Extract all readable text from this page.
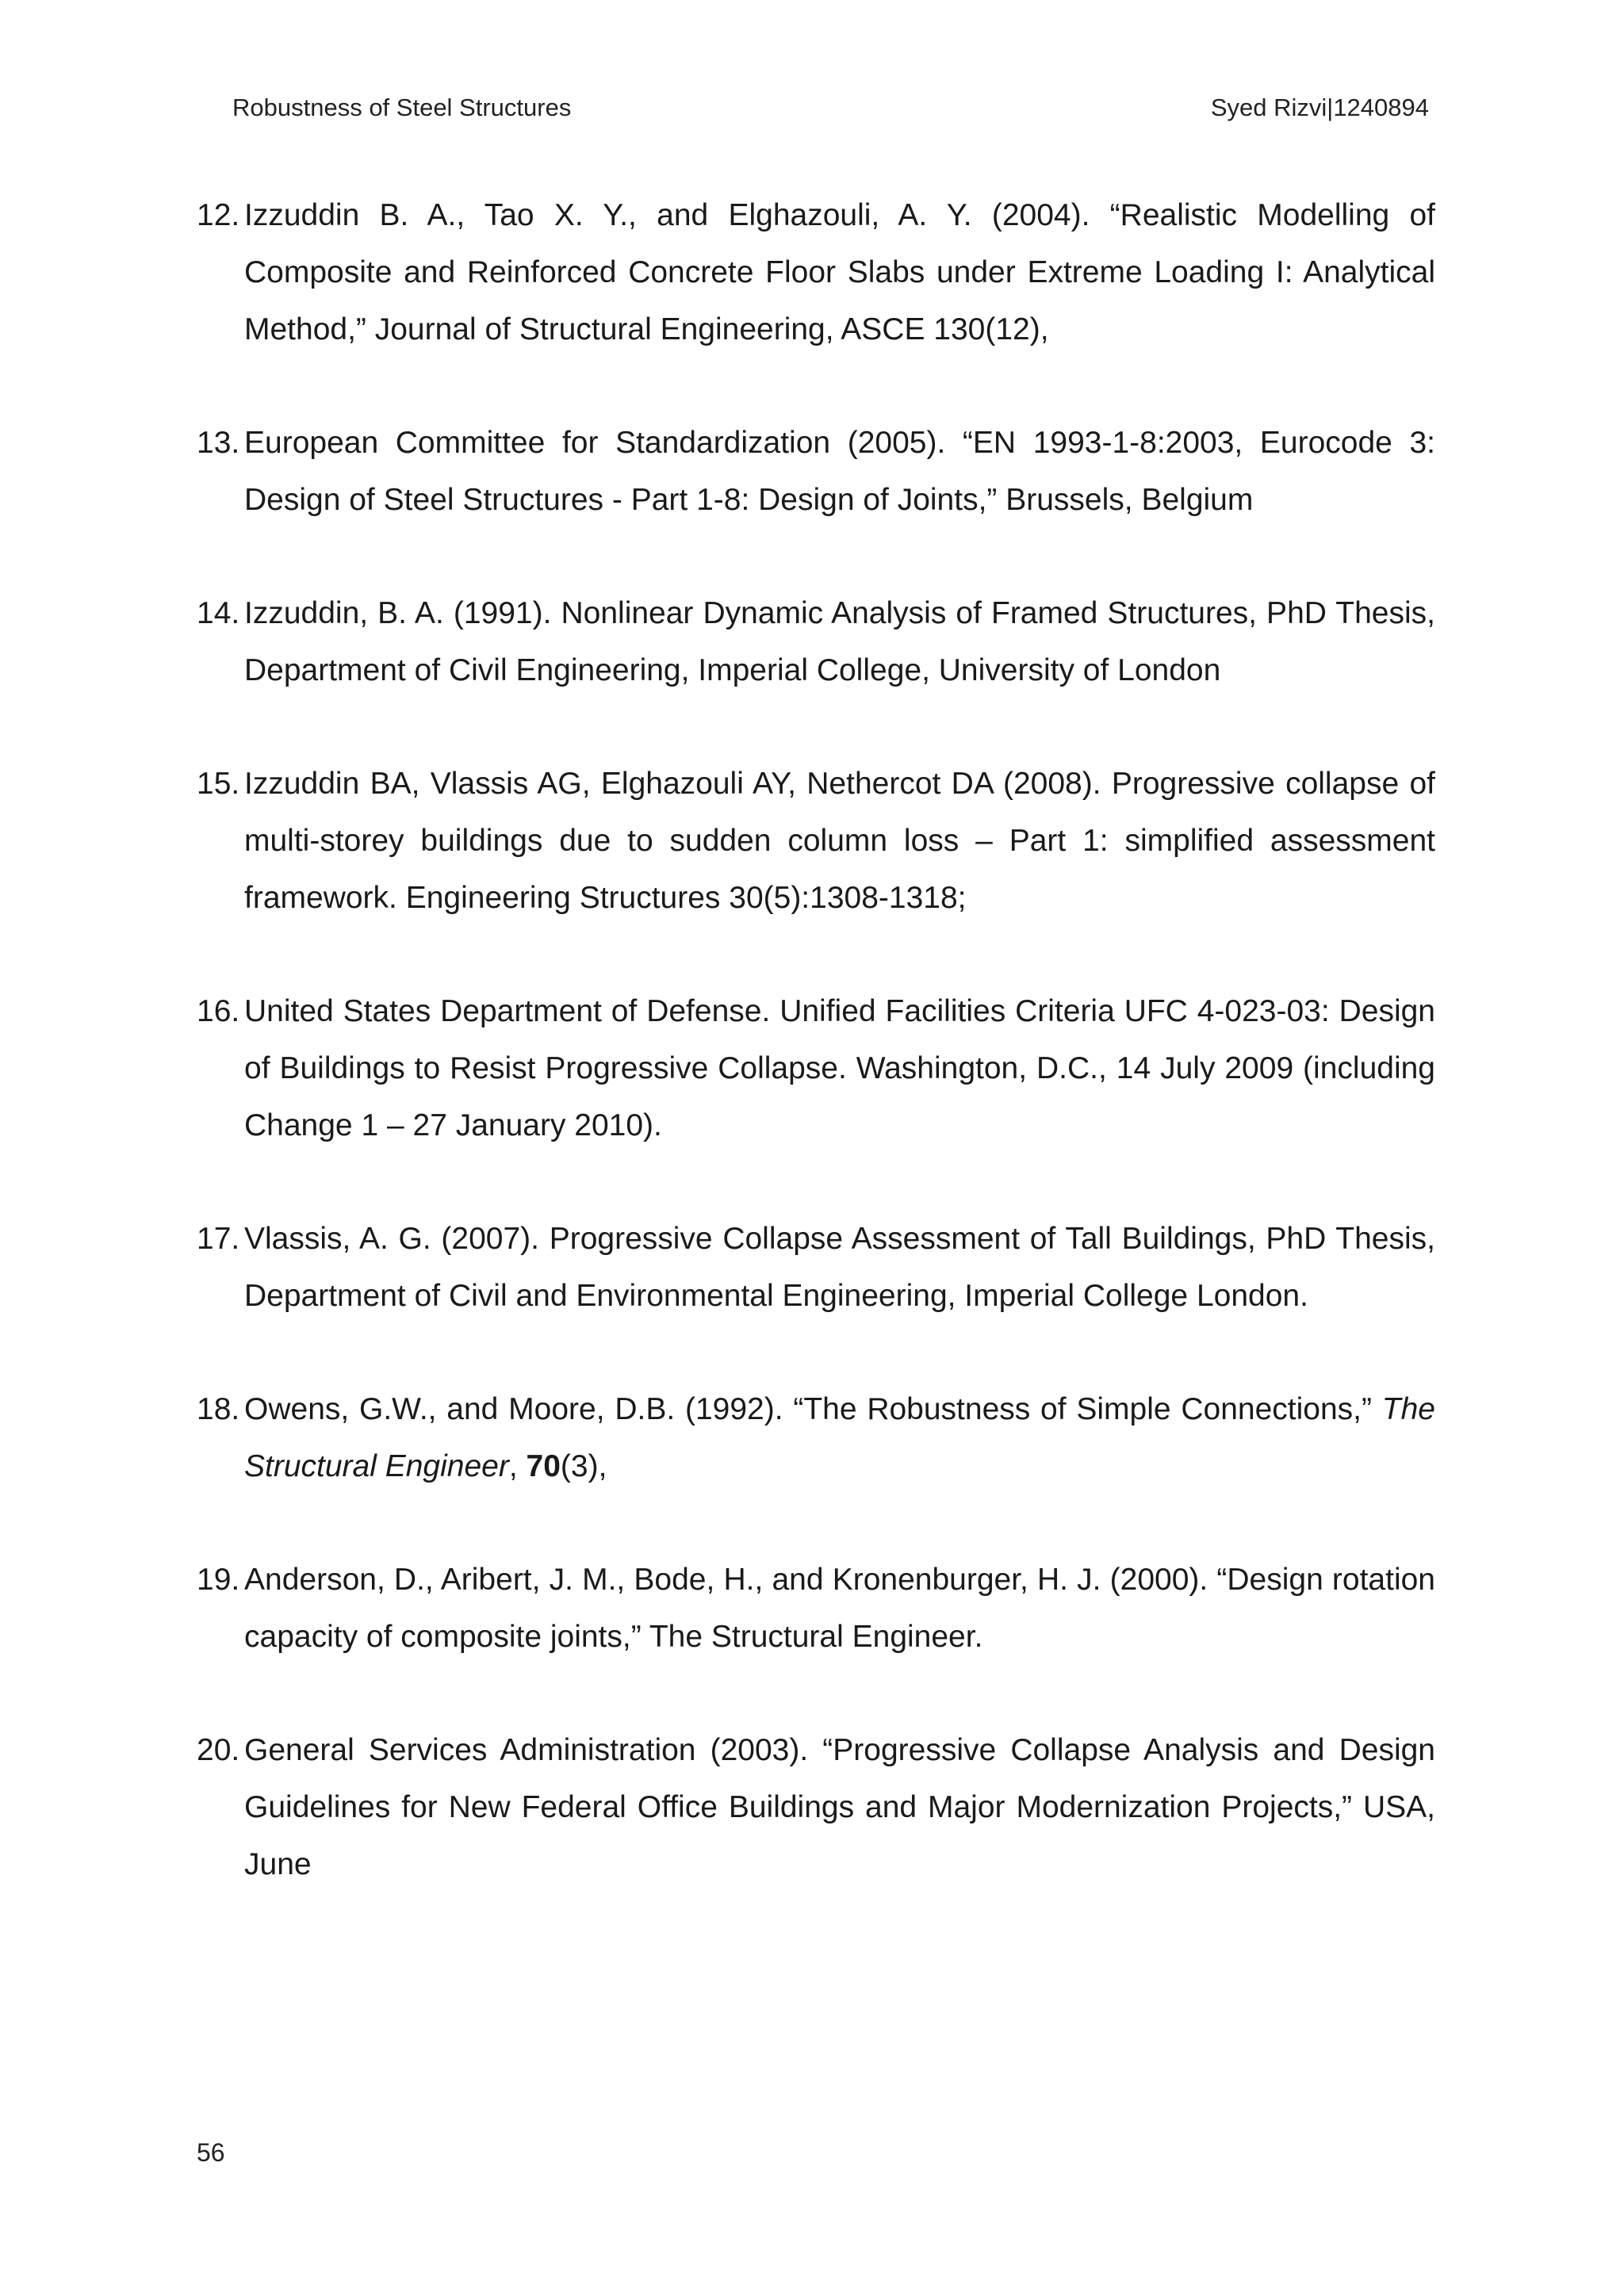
Robustness of Steel Structures	Syed Rizvi|1240894
12. Izzuddin B. A., Tao X. Y., and Elghazouli, A. Y. (2004). “Realistic Modelling of Composite and Reinforced Concrete Floor Slabs under Extreme Loading I: Analytical Method,” Journal of Structural Engineering, ASCE 130(12),
13. European Committee for Standardization (2005). “EN 1993-1-8:2003, Eurocode 3: Design of Steel Structures - Part 1-8: Design of Joints,” Brussels, Belgium
14. Izzuddin, B. A. (1991). Nonlinear Dynamic Analysis of Framed Structures, PhD Thesis, Department of Civil Engineering, Imperial College, University of London
15. Izzuddin BA, Vlassis AG, Elghazouli AY, Nethercot DA (2008). Progressive collapse of multi-storey buildings due to sudden column loss – Part 1: simplified assessment framework. Engineering Structures 30(5):1308-1318;
16. United States Department of Defense. Unified Facilities Criteria UFC 4-023-03: Design of Buildings to Resist Progressive Collapse. Washington, D.C., 14 July 2009 (including Change 1 – 27 January 2010).
17. Vlassis, A. G. (2007). Progressive Collapse Assessment of Tall Buildings, PhD Thesis, Department of Civil and Environmental Engineering, Imperial College London.
18. Owens, G.W., and Moore, D.B. (1992). “The Robustness of Simple Connections,” The Structural Engineer, 70(3),
19. Anderson, D., Aribert, J. M., Bode, H., and Kronenburger, H. J. (2000). “Design rotation capacity of composite joints,” The Structural Engineer.
20. General Services Administration (2003). “Progressive Collapse Analysis and Design Guidelines for New Federal Office Buildings and Major Modernization Projects,” USA, June
56
